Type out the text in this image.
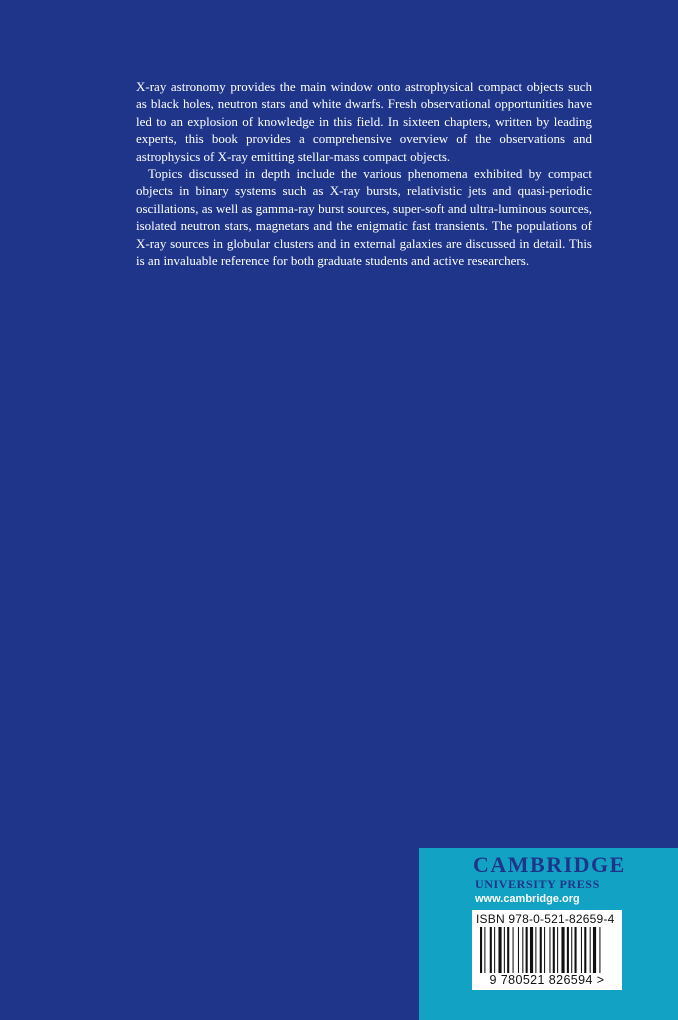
X-ray astronomy provides the main window onto astrophysical compact objects such as black holes, neutron stars and white dwarfs. Fresh observational opportunities have led to an explosion of knowledge in this field. In sixteen chapters, written by leading experts, this book provides a comprehensive overview of the observations and astrophysics of X-ray emitting stellar-mass compact objects.

Topics discussed in depth include the various phenomena exhibited by compact objects in binary systems such as X-ray bursts, relativistic jets and quasi-periodic oscillations, as well as gamma-ray burst sources, super-soft and ultra-luminous sources, isolated neutron stars, magnetars and the enigmatic fast transients. The populations of X-ray sources in globular clusters and in external galaxies are discussed in detail. This is an invaluable reference for both graduate students and active researchers.

CAMBRIDGE
UNIVERSITY PRESS
www.cambridge.org
ISBN 978-0-521-82659-4
9 780521 826594 >
